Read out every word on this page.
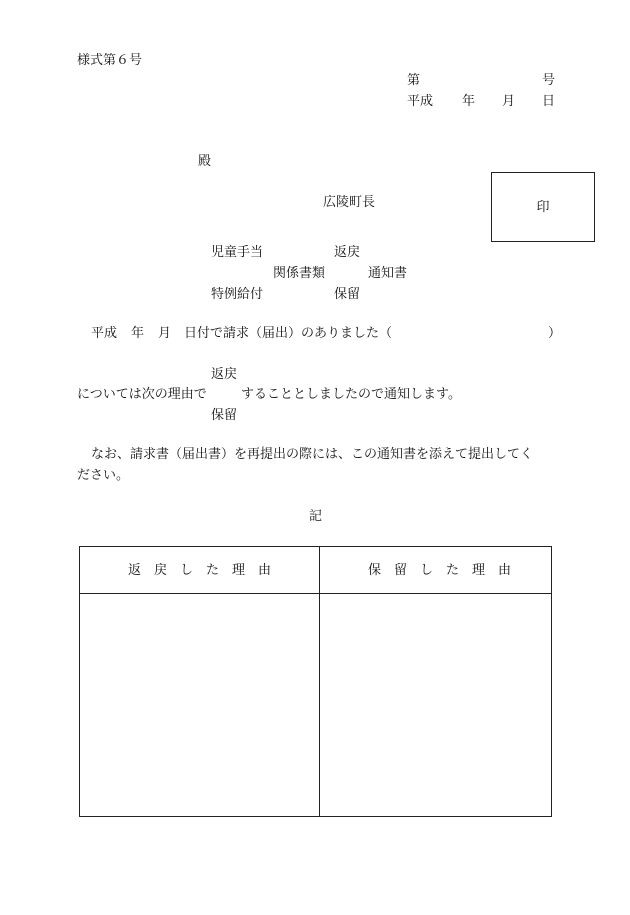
様式第６号
第	号
平成 年 月 日
殿
広陵町長	印
児童手当	返戻
関係書類	通知書
特例給付	保留
平成 年 月 日付で請求（届出）のありました（	）
返戻
については次の理由で	することとしましたので通知します。
保留
なお、請求書（届出書）を再提出の際には、この通知書を添えて提出してく
ださい。
記
返　戻　し　た　理　由	保　留　し　た　理　由
